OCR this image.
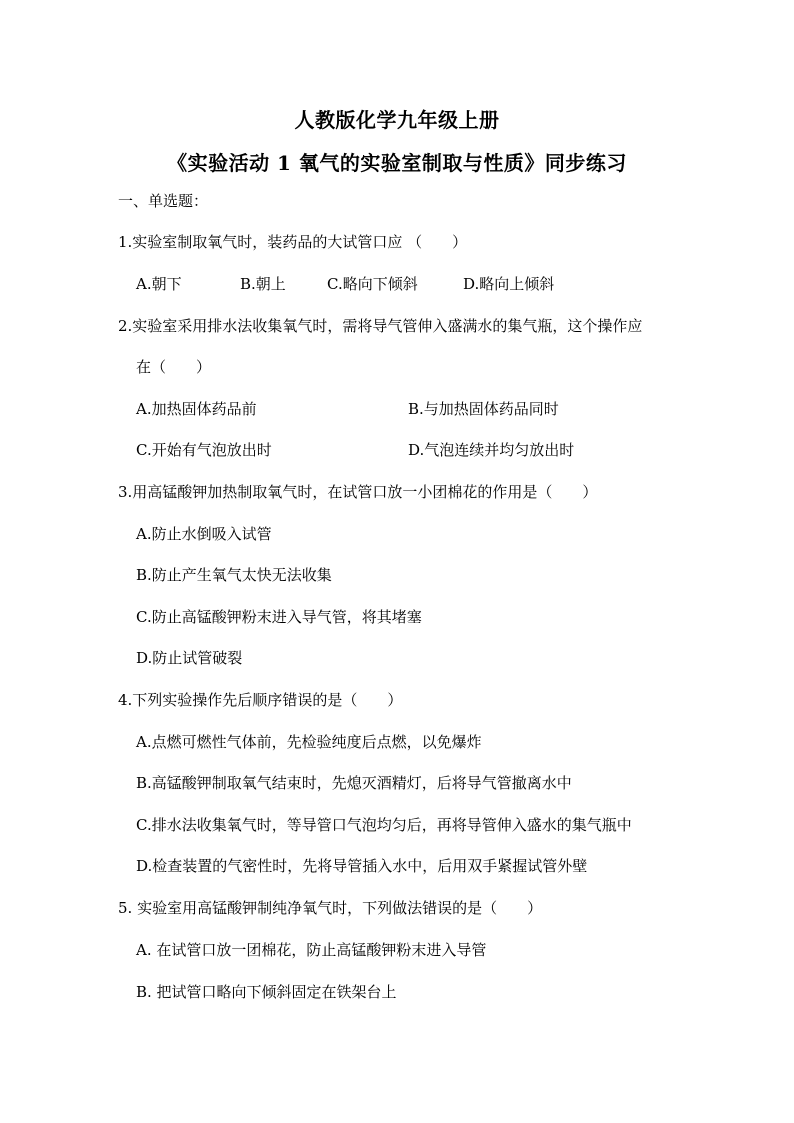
人教版化学九年级上册
《实验活动 1 氧气的实验室制取与性质》同步练习
一、单选题：
1.实验室制取氧气时，装药品的大试管口应 （　　）
A.朝下	B.朝上	C.略向下倾斜	D.略向上倾斜
2.实验室采用排水法收集氧气时，需将导气管伸入盛满水的集气瓶，这个操作应
在（　　）
A.加热固体药品前	B.与加热固体药品同时
C.开始有气泡放出时	D.气泡连续并均匀放出时
3.用高锰酸钾加热制取氧气时，在试管口放一小团棉花的作用是（　　）
A.防止水倒吸入试管
B.防止产生氧气太快无法收集
C.防止高锰酸钾粉末进入导气管，将其堵塞
D.防止试管破裂
4.下列实验操作先后顺序错误的是（　　）
A.点燃可燃性气体前，先检验纯度后点燃，以免爆炸
B.高锰酸钾制取氧气结束时，先熄灭酒精灯，后将导气管撤离水中
C.排水法收集氧气时，等导管口气泡均匀后，再将导管伸入盛水的集气瓶中
D.检查装置的气密性时，先将导管插入水中，后用双手紧握试管外壁
5. 实验室用高锰酸钾制纯净氧气时，下列做法错误的是（　　）
A. 在试管口放一团棉花，防止高锰酸钾粉末进入导管
B. 把试管口略向下倾斜固定在铁架台上
